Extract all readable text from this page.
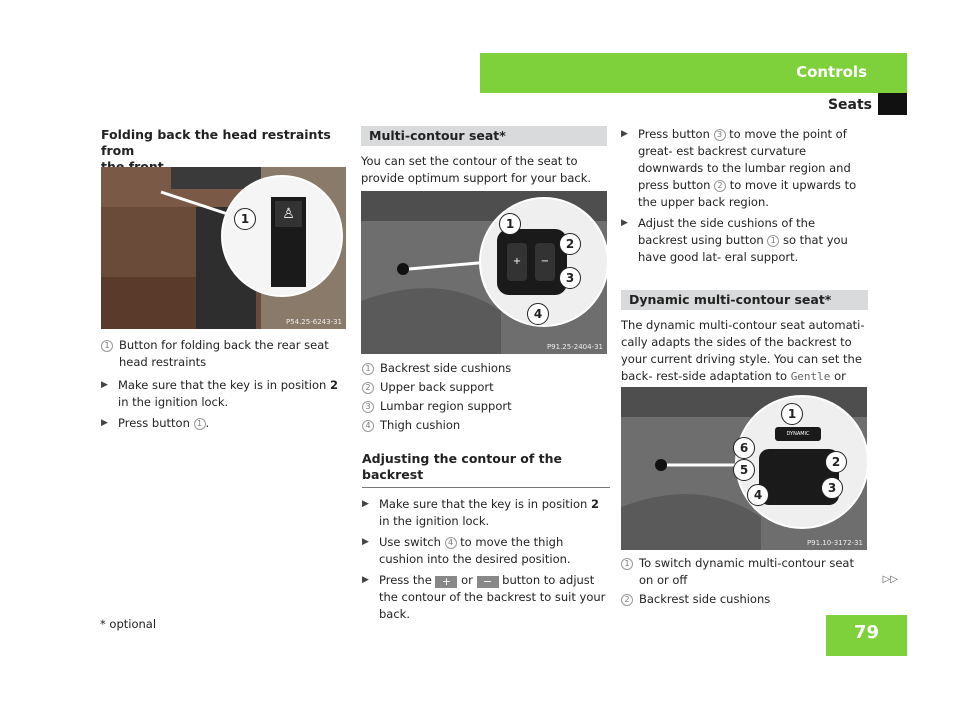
Controls
Seats
Folding back the head restraints from
♙
1
P54.25-6243-31
1 Button for folding back the rear seat head restraints
▶ Make sure that the key is in position 2 in the ignition lock.
▶ Press button 1 .
Multi-contour seat*
You can set the contour of the seat to provide optimum support for your back.
+	−
1
2
3
4
P91.25-2404-31
1 Backrest side cushions
2 Upper back support
3 Lumbar region support
4 Thigh cushion
Adjusting the contour of the backrest
▶ Make sure that the key is in position 2 in the ignition lock.
▶ Use switch 4 to move the thigh cushion into the desired position.
▶ Press the + or − button to adjust the contour of the backrest to suit your back.
▶ Press button 3 to move the point of great- est backrest curvature downwards to the lumbar region and press button 2 to move it upwards to the upper back region.
▶ Adjust the side cushions of the backrest using button 1 so that you have good lat- eral support.
Dynamic multi-contour seat*
The dynamic multi-contour seat automati- cally adapts the sides of the backrest to your current driving style. You can set the back- rest-side adaptation to Gentle or
DYNAMIC
1
2
3
4
5
6
P91.10-3172-31
1 To switch dynamic multi-contour seat on or off
2 Backrest side cushions
▷▷
* optional	79
